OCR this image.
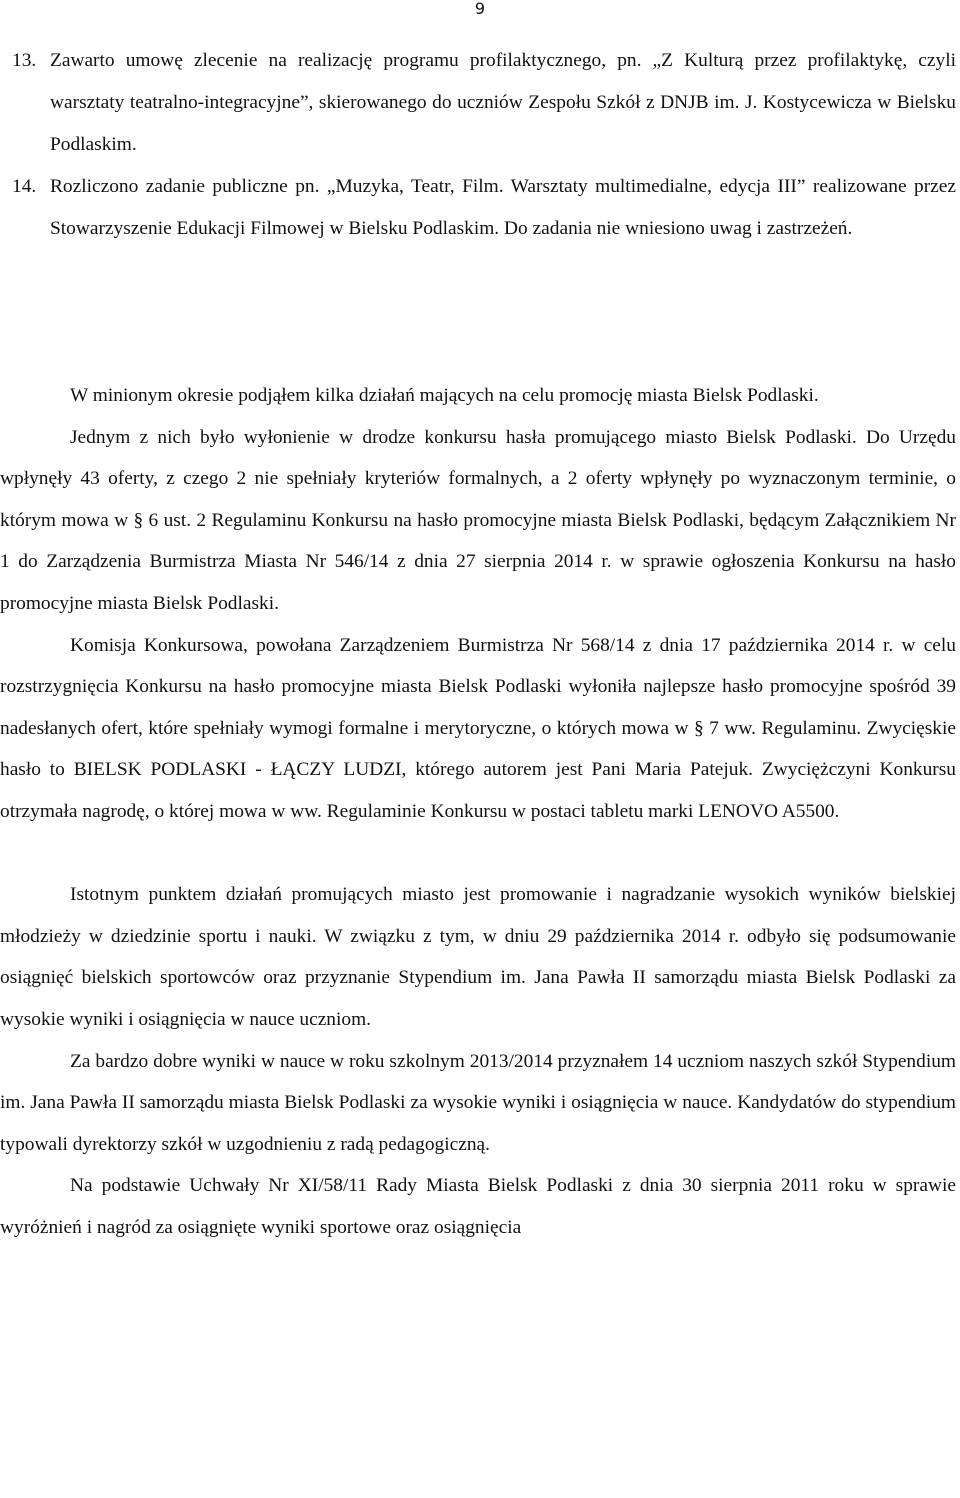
9

13. Zawarto umowę zlecenie na realizację programu profilaktycznego, pn. „Z Kulturą przez profilaktykę, czyli warsztaty teatralno-integracyjne”, skierowanego do uczniów Zespołu Szkół z DNJB im. J. Kostycewicza w Bielsku Podlaskim.

14. Rozliczono zadanie publiczne pn. „Muzyka, Teatr, Film. Warsztaty multimedialne, edycja III” realizowane przez Stowarzyszenie Edukacji Filmowej w Bielsku Podlaskim. Do zadania nie wniesiono uwag i zastrzeżeń.

W minionym okresie podjąłem kilka działań mających na celu promocję miasta Bielsk Podlaski.

Jednym z nich było wyłonienie w drodze konkursu hasła promującego miasto Bielsk Podlaski. Do Urzędu wpłynęły 43 oferty, z czego 2 nie spełniały kryteriów formalnych, a 2 oferty wpłynęły po wyznaczonym terminie, o którym mowa w § 6 ust. 2 Regulaminu Konkursu na hasło promocyjne miasta Bielsk Podlaski, będącym Załącznikiem Nr 1 do Zarządzenia Burmistrza Miasta Nr 546/14 z dnia 27 sierpnia 2014 r. w sprawie ogłoszenia Konkursu na hasło promocyjne miasta Bielsk Podlaski.

Komisja Konkursowa, powołana Zarządzeniem Burmistrza Nr 568/14 z dnia 17 października 2014 r. w celu rozstrzygnięcia Konkursu na hasło promocyjne miasta Bielsk Podlaski wyłoniła najlepsze hasło promocyjne spośród 39 nadesłanych ofert, które spełniały wymogi formalne i merytoryczne, o których mowa w § 7 ww. Regulaminu. Zwycięskie hasło to BIELSK PODLASKI - ŁĄCZY LUDZI, którego autorem jest Pani Maria Patejuk. Zwyciężczyni Konkursu otrzymała nagrodę, o której mowa w ww. Regulaminie Konkursu w postaci tabletu marki LENOVO A5500.

Istotnym punktem działań promujących miasto jest promowanie i nagradzanie wysokich wyników bielskiej młodzieży w dziedzinie sportu i nauki. W związku z tym, w dniu 29 października 2014 r. odbyło się podsumowanie osiągnięć bielskich sportowców oraz przyznanie Stypendium im. Jana Pawła II samorządu miasta Bielsk Podlaski za wysokie wyniki i osiągnięcia w nauce uczniom.

Za bardzo dobre wyniki w nauce w roku szkolnym 2013/2014 przyznałem 14 uczniom naszych szkół Stypendium im. Jana Pawła II samorządu miasta Bielsk Podlaski za wysokie wyniki i osiągnięcia w nauce. Kandydatów do stypendium typowali dyrektorzy szkół w uzgodnieniu z radą pedagogiczną.

Na podstawie Uchwały Nr XI/58/11 Rady Miasta Bielsk Podlaski z dnia 30 sierpnia 2011 roku w sprawie wyróżnień i nagród za osiągnięte wyniki sportowe oraz osiągnięcia
